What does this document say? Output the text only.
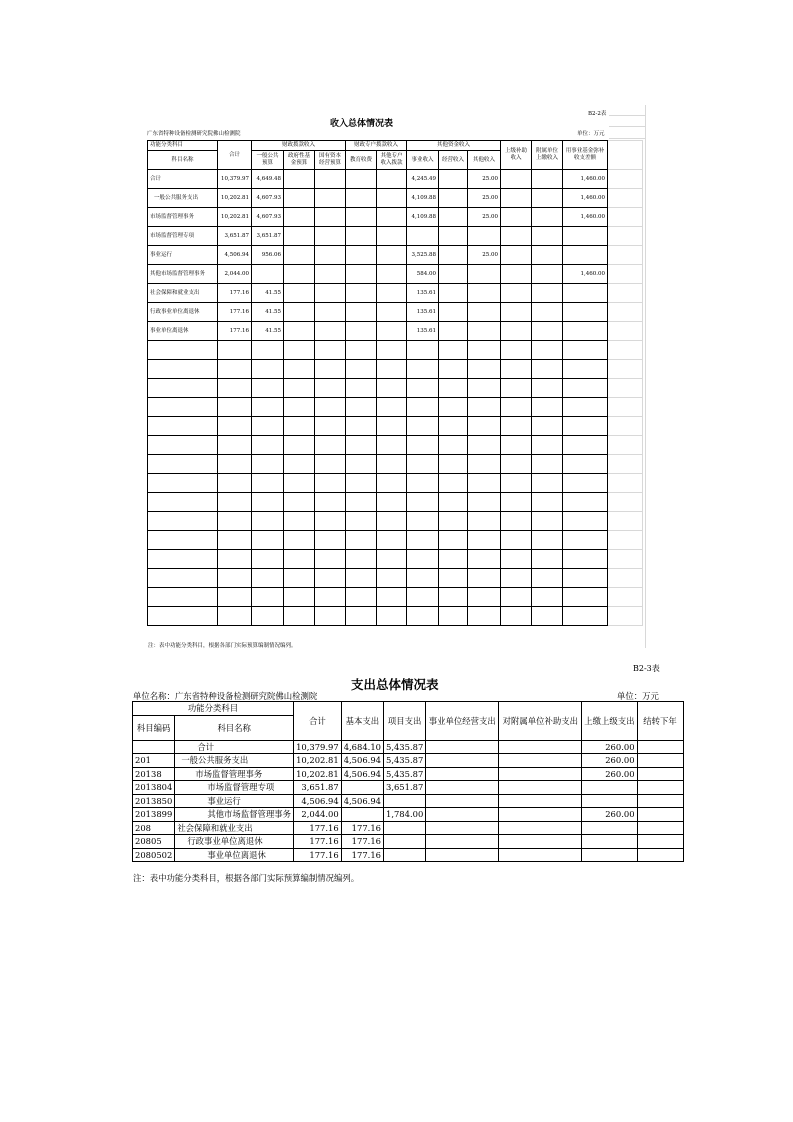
B2-2表
收入总体情况表
广东省特种设备检测研究院佛山检测院	单位：万元
功能分类科目	合计	财政拨款收入			财政专户拨款收入		其他资金收入			上级补助收入	附属单位上缴收入	用事业基金弥补收支差额	
科目名称		一般公共预算	政府性基金预算	国有资本经营预算	教育收费	其他专户收入拨款	事业收入	经营收入	其他收入				
合计	10,379.97	4,649.48					4,245.49		25.00			1,460.00	
一般公共服务支出	10,202.81	4,607.93					4,109.88		25.00			1,460.00	
市场监督管理事务	10,202.81	4,607.93					4,109.88		25.00			1,460.00	
市场监督管理专项	3,651.87	3,651.87											
事业运行	4,506.94	956.06					3,525.88		25.00				
其他市场监督管理事务	2,044.00						584.00					1,460.00	
社会保障和就业支出	177.16	41.55					135.61						
行政事业单位离退休	177.16	41.55					135.61						
事业单位离退休	177.16	41.55					135.61						

注：表中功能分类科目，根据各部门实际预算编制情况编列。
B2-3表
支出总体情况表
单位名称：广东省特种设备检测研究院佛山检测院	单位：万元
功能分类科目		合计	基本支出	项目支出	事业单位经营支出	对附属单位补助支出	上缴上级支出	结转下年
科目编码	科目名称							
	合计	10,379.97	4,684.10	5,435.87			260.00	
201	一般公共服务支出	10,202.81	4,506.94	5,435.87			260.00	
20138	市场监督管理事务	10,202.81	4,506.94	5,435.87			260.00	
2013804	市场监督管理专项	3,651.87		3,651.87				
2013850	事业运行	4,506.94	4,506.94					
2013899	其他市场监督管理事务	2,044.00		1,784.00			260.00	
208	社会保障和就业支出	177.16	177.16					
20805	行政事业单位离退休	177.16	177.16					
2080502	事业单位离退休	177.16	177.16					
注：表中功能分类科目，根据各部门实际预算编制情况编列。
